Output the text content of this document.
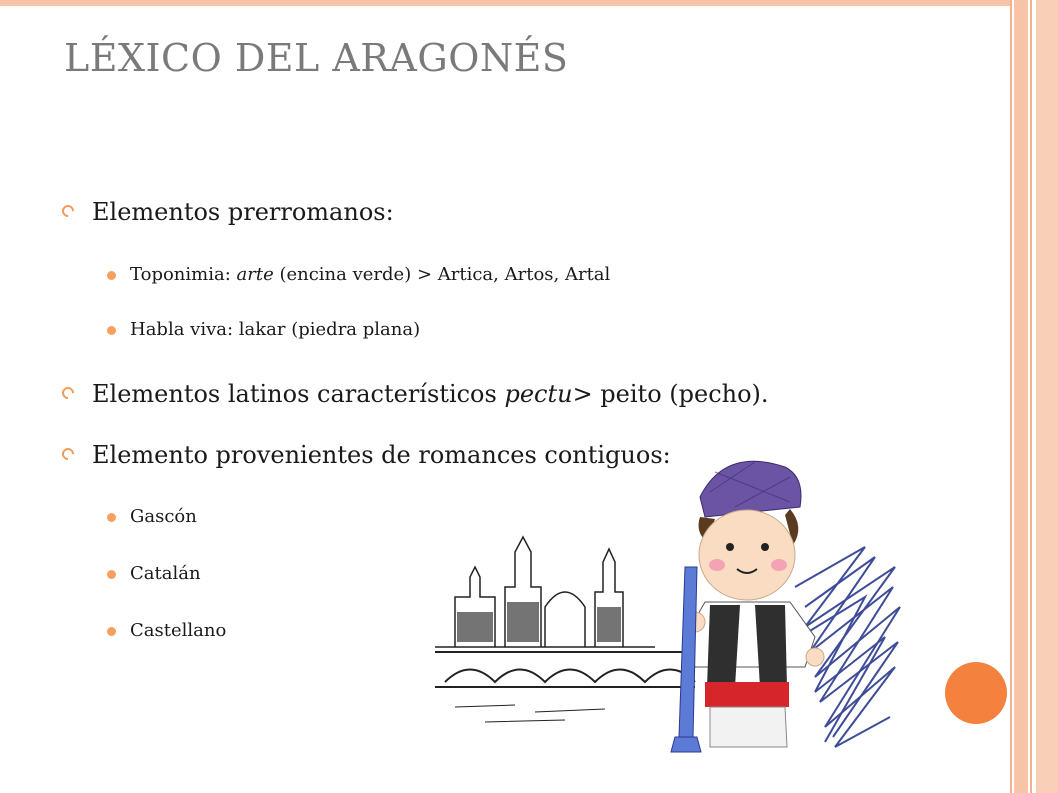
LÉXICO DEL ARAGONÉS
Elementos prerromanos:
Toponimia: arte (encina verde) > Artica, Artos, Artal
Habla viva: lakar (piedra plana)
Elementos latinos característicos pectu> peito (pecho).
Elemento provenientes de romances contiguos:
Gascón
Catalán
Castellano
